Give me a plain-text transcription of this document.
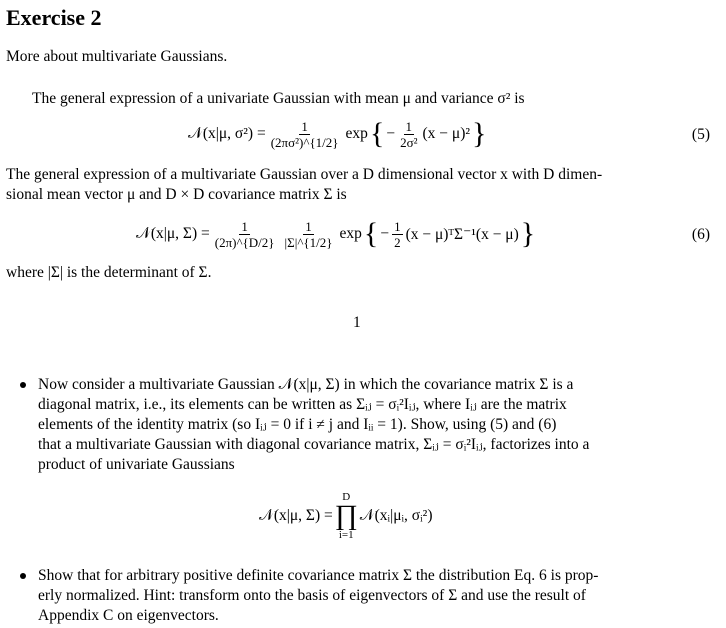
Exercise 2
More about multivariate Gaussians.
The general expression of a univariate Gaussian with mean μ and variance σ² is
𝒩(x|μ, $\sigma^2) = \frac{1}{\text{(2πσ²)\textasciicircum{}\{1/2\}}}$ exp { − $\frac{1}{\text{2σ²}} (x - \mu)^2$ }	(5)
The general expression of a multivariate Gaussian over a D dimensional vector x with D dimen-
sional mean vector μ and D × D covariance matrix Σ is
𝒩(x|μ, $\Sigma) = \frac{1}{(2\pi)\^{}\{D/2\}} \frac{1}{|\Sigma|\^{}\{1/2\}}$ exp { − $\frac{1}{2} (x$ − μ)ᵀΣ⁻¹(x − μ) }	(6)
where |Σ| is the determinant of Σ.
1
Now consider a multivariate Gaussian 𝒩(x|μ, Σ) in which the covariance matrix Σ is a
diagonal matrix, i.e., its elements can be written as Σᵢⱼ = σᵢ²Iᵢⱼ, where Iᵢⱼ are the matrix
elements of the identity matrix (so Iᵢⱼ = 0 if i ≠ j and Iᵢᵢ = 1). Show, using (5) and (6)
that a multivariate Gaussian with diagonal covariance matrix, Σᵢⱼ = σᵢ²Iᵢⱼ, factorizes into a
product of univariate Gaussians
𝒩(x|μ, Σ) =
D
∏
i=1
𝒩(xᵢ|μᵢ, σᵢ²)
Show that for arbitrary positive definite covariance matrix Σ the distribution Eq. 6 is prop-
erly normalized. Hint: transform onto the basis of eigenvectors of Σ and use the result of
Appendix C on eigenvectors.
